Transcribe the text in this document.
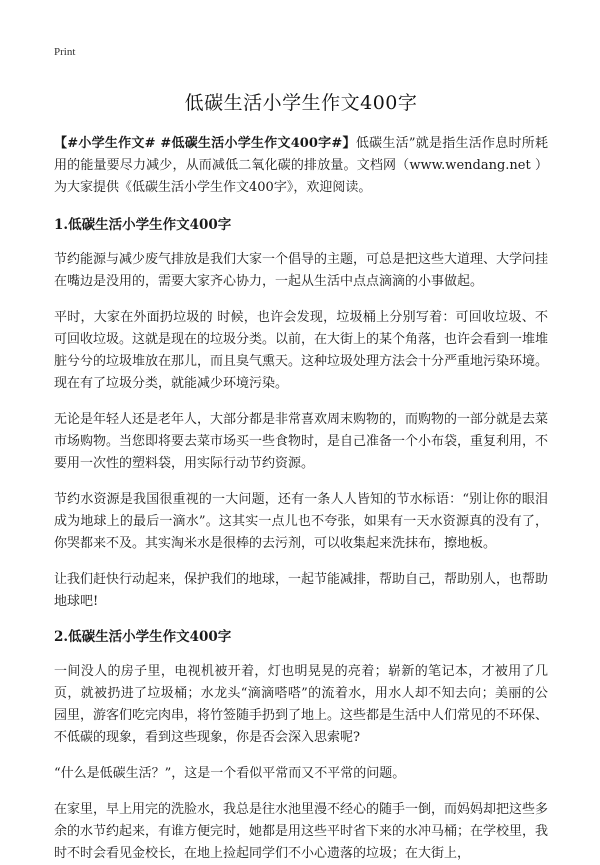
Print
低碳生活小学生作文400字

【#小学生作文# #低碳生活小学生作文400字#】低碳生活”就是指生活作息时所耗用的能量要尽力减少，从而减低二氧化碳的排放量。文档网（www.wendang.net ）为大家提供《低碳生活小学生作文400字》，欢迎阅读。

1.低碳生活小学生作文400字

节约能源与减少废气排放是我们大家一个倡导的主题，可总是把这些大道理、大学问挂在嘴边是没用的，需要大家齐心协力，一起从生活中点点滴滴的小事做起。

平时，大家在外面扔垃圾的 时候，也许会发现，垃圾桶上分别写着：可回收垃圾、不可回收垃圾。这就是现在的垃圾分类。以前，在大街上的某个角落，也许会看到一堆堆脏兮兮的垃圾堆放在那儿，而且臭气熏天。这种垃圾处理方法会十分严重地污染环境。现在有了垃圾分类，就能减少环境污染。

无论是年轻人还是老年人，大部分都是非常喜欢周末购物的，而购物的一部分就是去菜市场购物。当您即将要去菜市场买一些食物时，是自己准备一个小布袋，重复利用，不要用一次性的塑料袋，用实际行动节约资源。

节约水资源是我国很重视的一大问题，还有一条人人皆知的节水标语：“别让你的眼泪成为地球上的最后一滴水”。这其实一点儿也不夸张，如果有一天水资源真的没有了，你哭都来不及。其实淘米水是很棒的去污剂，可以收集起来洗抹布，擦地板。

让我们赶快行动起来，保护我们的地球，一起节能减排，帮助自己，帮助别人，也帮助地球吧!

2.低碳生活小学生作文400字

一间没人的房子里，电视机被开着，灯也明晃晃的亮着；崭新的笔记本，才被用了几页，就被扔进了垃圾桶；水龙头“滴滴嗒嗒”的流着水，用水人却不知去向；美丽的公园里，游客们吃完肉串，将竹签随手扔到了地上。这些都是生活中人们常见的不环保、不低碳的现象，看到这些现象，你是否会深入思索呢?

“什么是低碳生活？”，这是一个看似平常而又不平常的问题。

在家里，早上用完的洗脸水，我总是往水池里漫不经心的随手一倒，而妈妈却把这些多余的水节约起来，有谁方便完时，她都是用这些平时省下来的水冲马桶；在学校里，我时不时会看见金校长，在地上捡起同学们不小心遗落的垃圾；在大街上，
